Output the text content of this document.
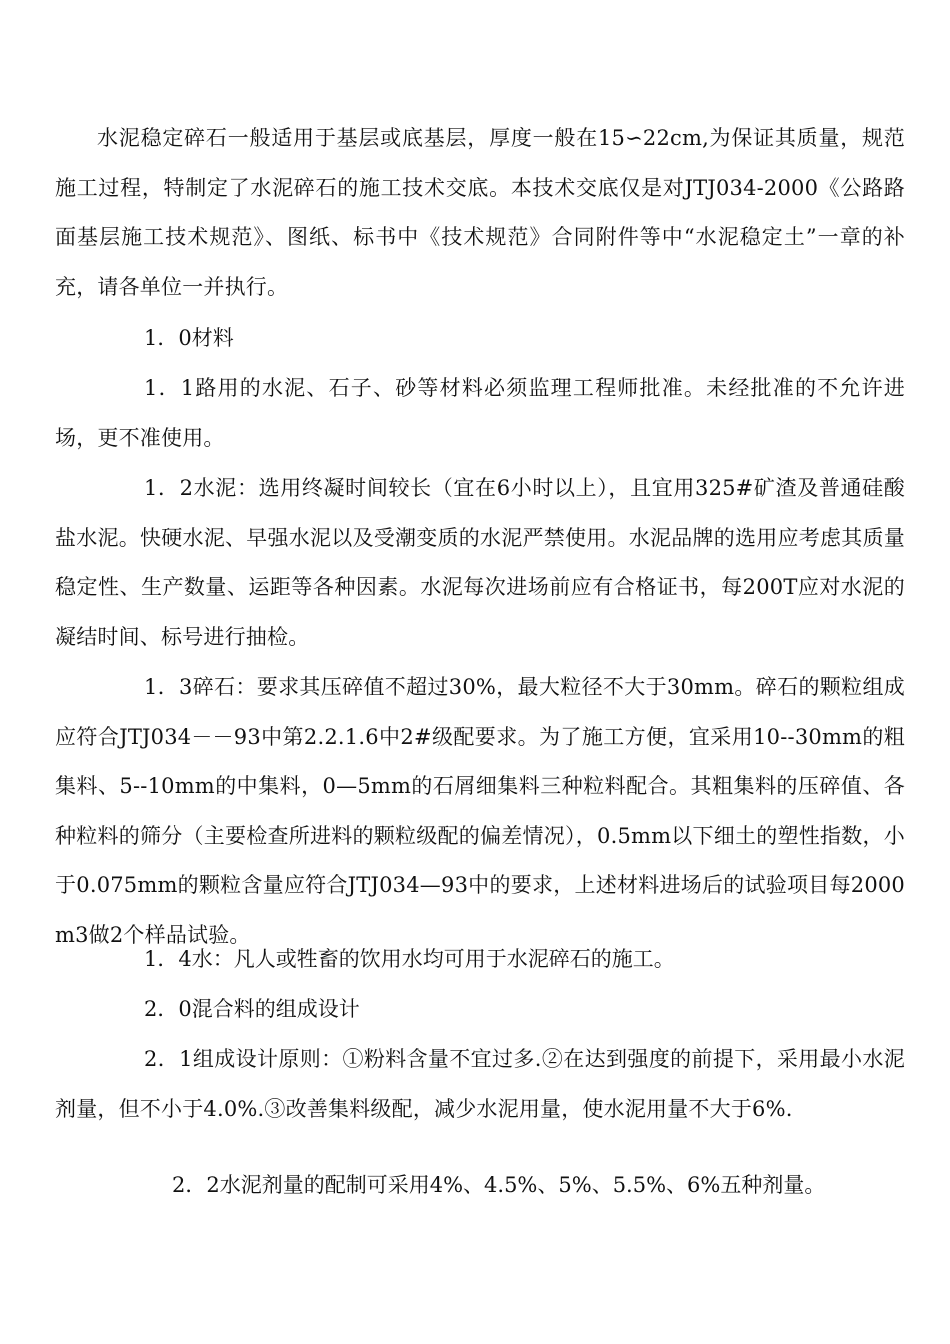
水泥稳定碎石一般适用于基层或底基层，厚度一般在15∽22cm,为保证其质量，规范施工过程，特制定了水泥碎石的施工技术交底。本技术交底仅是对JTJ034-2000《公路路面基层施工技术规范》、图纸、标书中《技术规范》合同附件等中“水泥稳定土”一章的补充，请各单位一并执行。

1．0材料

1．1路用的水泥、石子、砂等材料必须监理工程师批准。未经批准的不允许进场，更不准使用。

1．2水泥：选用终凝时间较长（宜在6小时以上），且宜用325#矿渣及普通硅酸盐水泥。快硬水泥、早强水泥以及受潮变质的水泥严禁使用。水泥品牌的选用应考虑其质量稳定性、生产数量、运距等各种因素。水泥每次进场前应有合格证书，每200T应对水泥的凝结时间、标号进行抽检。

1．3碎石：要求其压碎值不超过30%，最大粒径不大于30mm。碎石的颗粒组成应符合JTJ034－－93中第2.2.1.6中2#级配要求。为了施工方便，宜采用10--30mm的粗集料、5--10mm的中集料，0—5mm的石屑细集料三种粒料配合。其粗集料的压碎值、各种粒料的筛分（主要检查所进料的颗粒级配的偏差情况），0.5mm以下细土的塑性指数，小于0.075mm的颗粒含量应符合JTJ034—93中的要求，上述材料进场后的试验项目每2000m3做2个样品试验。

1．4水：凡人或牲畜的饮用水均可用于水泥碎石的施工。

2．0混合料的组成设计

2．1组成设计原则：①粉料含量不宜过多.②在达到强度的前提下，采用最小水泥剂量，但不小于4.0%.③改善集料级配，减少水泥用量，使水泥用量不大于6%.

2．2水泥剂量的配制可采用4%、4.5%、5%、5.5%、6%五种剂量。
